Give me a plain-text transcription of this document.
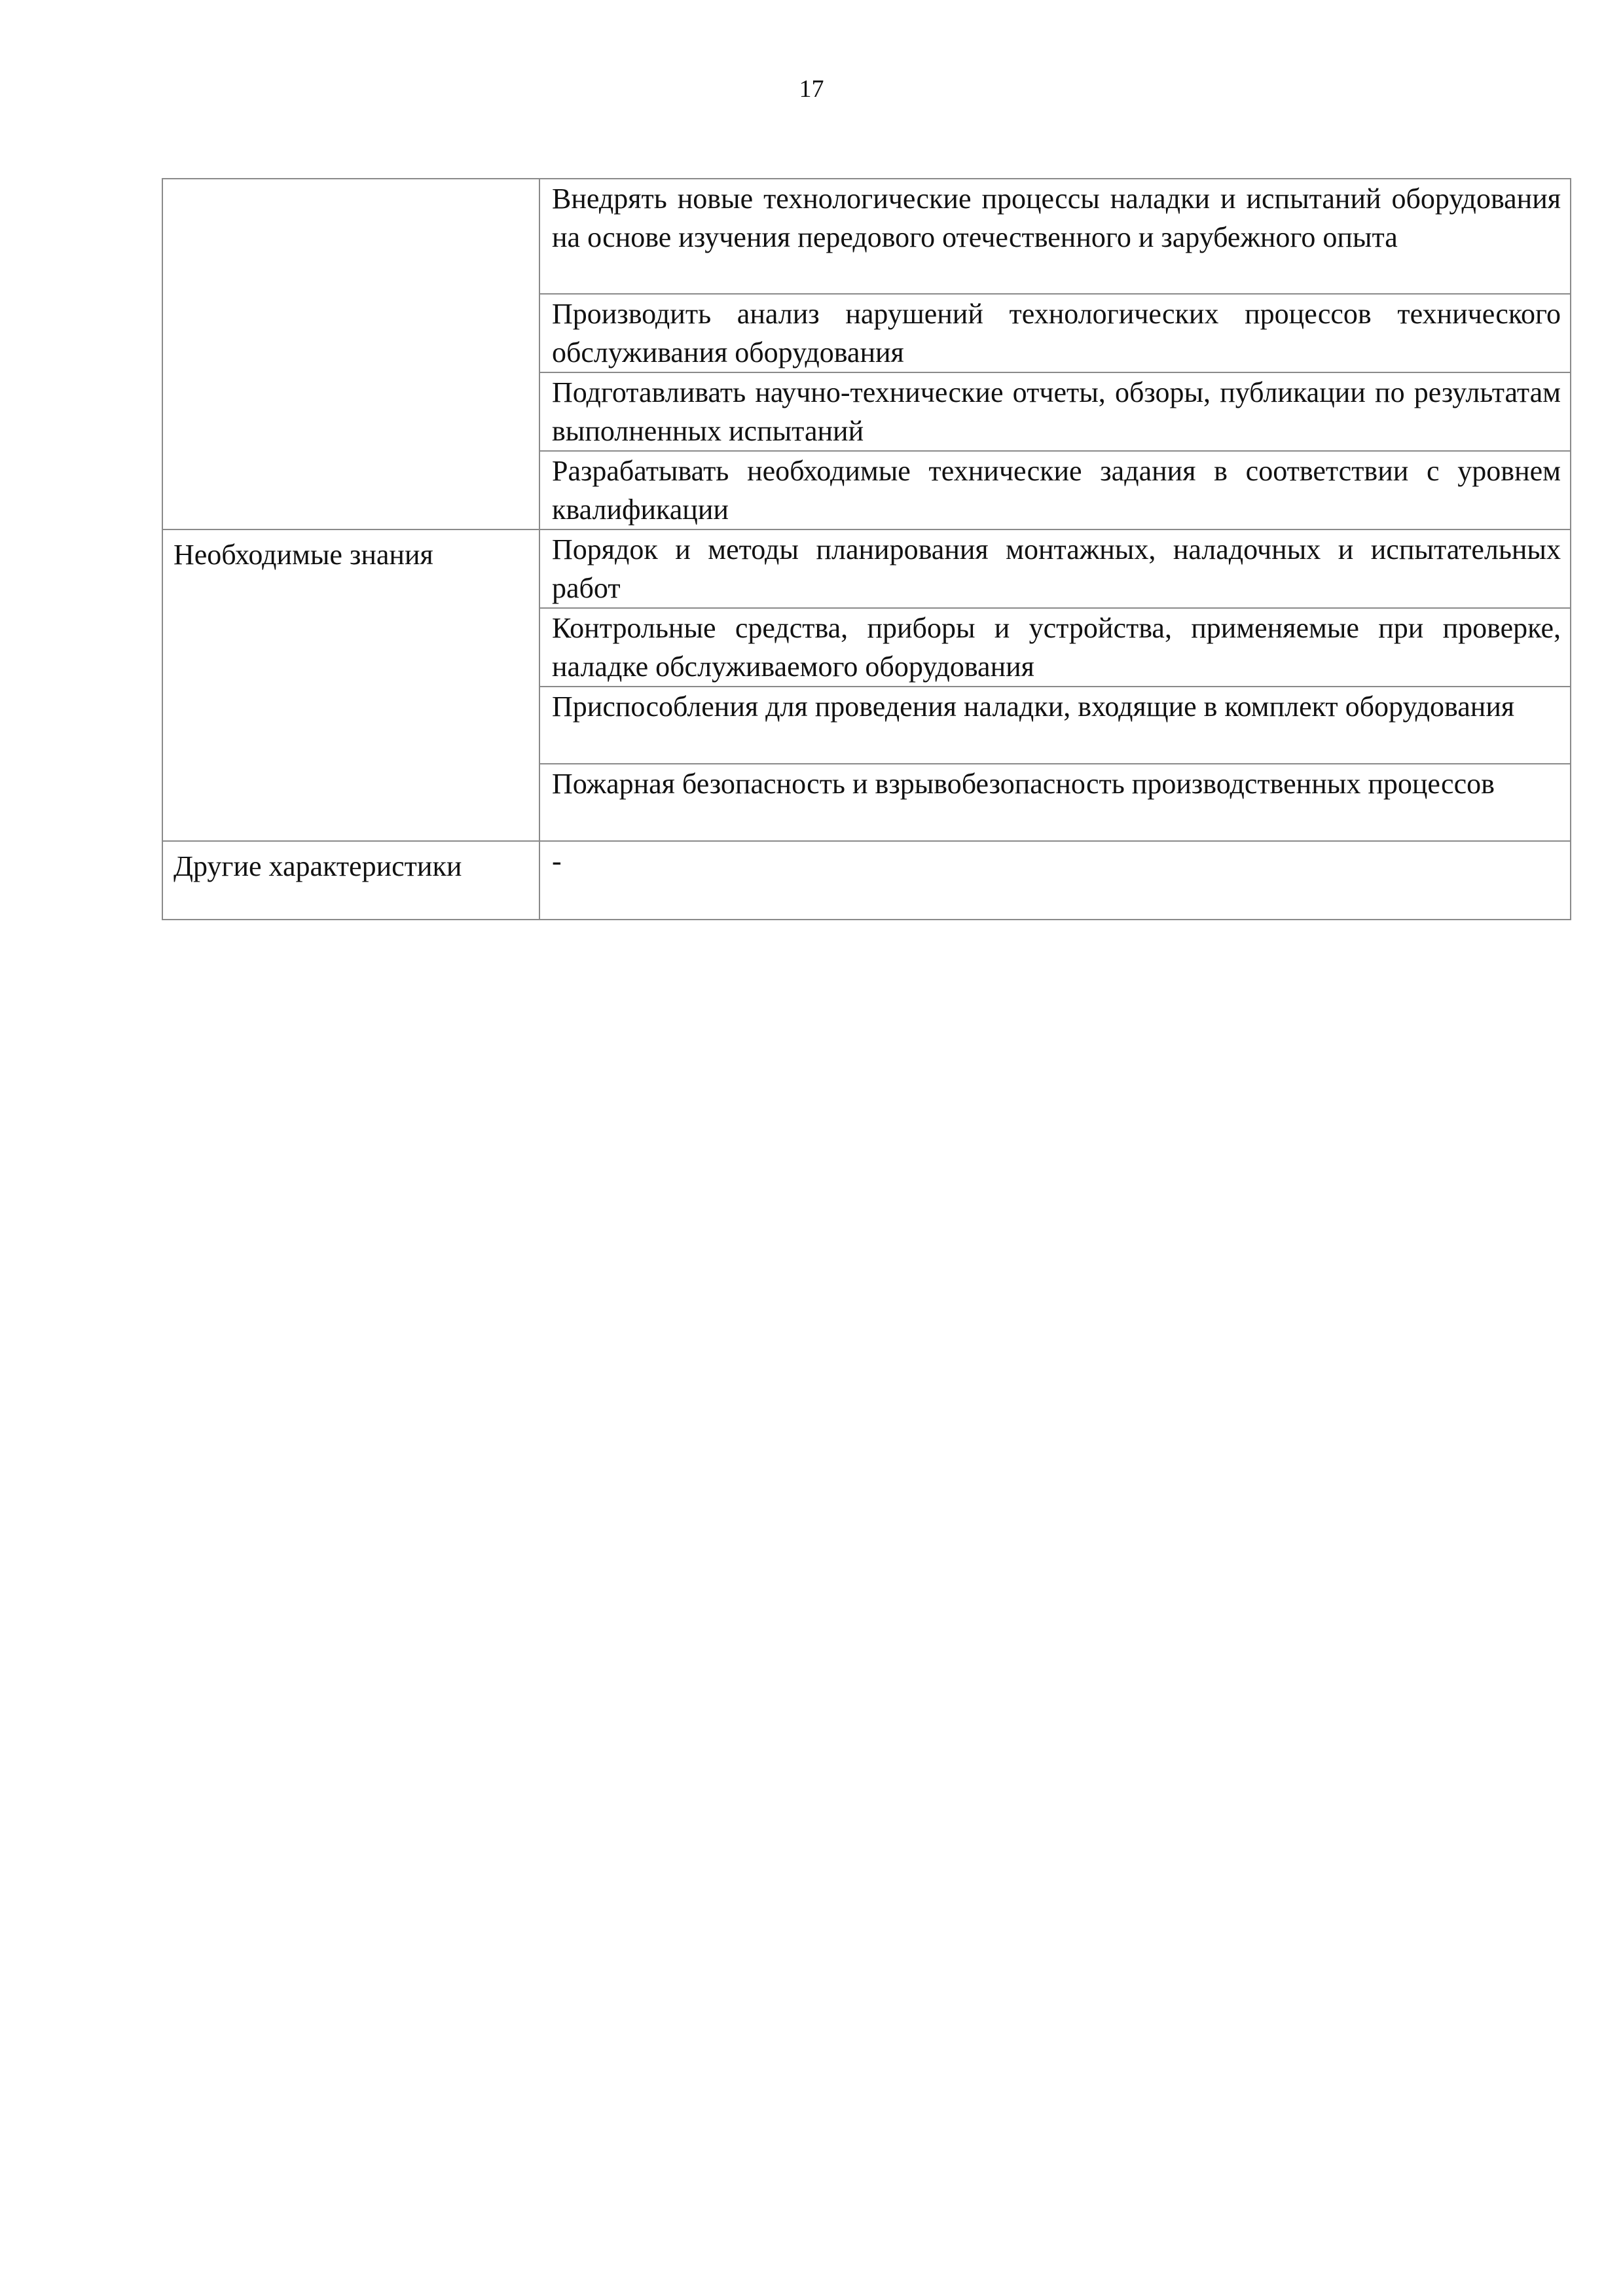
17
	Внедрять новые технологические процессы наладки и испытаний оборудования на основе изучения передового отечественного и зарубежного опыта
	Производить анализ нарушений технологических процессов технического обслуживания оборудования
	Подготавливать научно-технические отчеты, обзоры, публикации по результатам выполненных испытаний
	Разрабатывать необходимые технические задания в соответствии с уровнем квалификации
Необходимые знания	Порядок и методы планирования монтажных, наладочных и испытательных работ
	Контрольные средства, приборы и устройства, применяемые при проверке, наладке обслуживаемого оборудования
	Приспособления для проведения наладки, входящие в комплект оборудования
	Пожарная безопасность и взрывобезопасность производственных процессов
Другие характеристики	-
